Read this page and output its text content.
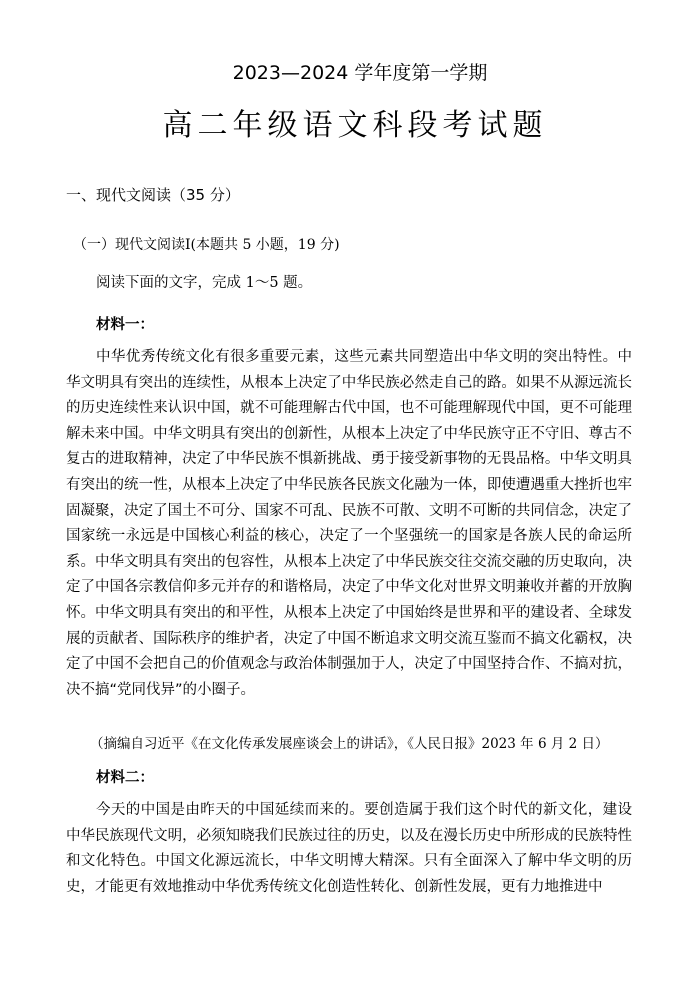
2023—2024 学年度第一学期
高二年级语文科段考试题
一、现代文阅读（35 分）
（一）现代文阅读Ⅰ(本题共 5 小题，19 分)
阅读下面的文字，完成 1～5 题。
材料一：

中华优秀传统文化有很多重要元素，这些元素共同塑造出中华文明的突出特性。中华文明具有突出的连续性，从根本上决定了中华民族必然走自己的路。如果不从源远流长的历史连续性来认识中国，就不可能理解古代中国，也不可能理解现代中国，更不可能理解未来中国。中华文明具有突出的创新性，从根本上决定了中华民族守正不守旧、尊古不复古的进取精神，决定了中华民族不惧新挑战、勇于接受新事物的无畏品格。中华文明具有突出的统一性，从根本上决定了中华民族各民族文化融为一体，即使遭遇重大挫折也牢固凝聚，决定了国土不可分、国家不可乱、民族不可散、文明不可断的共同信念，决定了国家统一永远是中国核心利益的核心，决定了一个坚强统一的国家是各族人民的命运所系。中华文明具有突出的包容性，从根本上决定了中华民族交往交流交融的历史取向，决定了中国各宗教信仰多元并存的和谐格局，决定了中华文化对世界文明兼收并蓄的开放胸怀。中华文明具有突出的和平性，从根本上决定了中国始终是世界和平的建设者、全球发展的贡献者、国际秩序的维护者，决定了中国不断追求文明交流互鉴而不搞文化霸权，决定了中国不会把自己的价值观念与政治体制强加于人，决定了中国坚持合作、不搞对抗，决不搞“党同伐异”的小圈子。

（摘编自习近平《在文化传承发展座谈会上的讲话》，《人民日报》2023 年 6 月 2 日）
材料二：

今天的中国是由昨天的中国延续而来的。要创造属于我们这个时代的新文化，建设中华民族现代文明，必须知晓我们民族过往的历史，以及在漫长历史中所形成的民族特性和文化特色。中国文化源远流长，中华文明博大精深。只有全面深入了解中华文明的历史，才能更有效地推动中华优秀传统文化创造性转化、创新性发展，更有力地推进中
